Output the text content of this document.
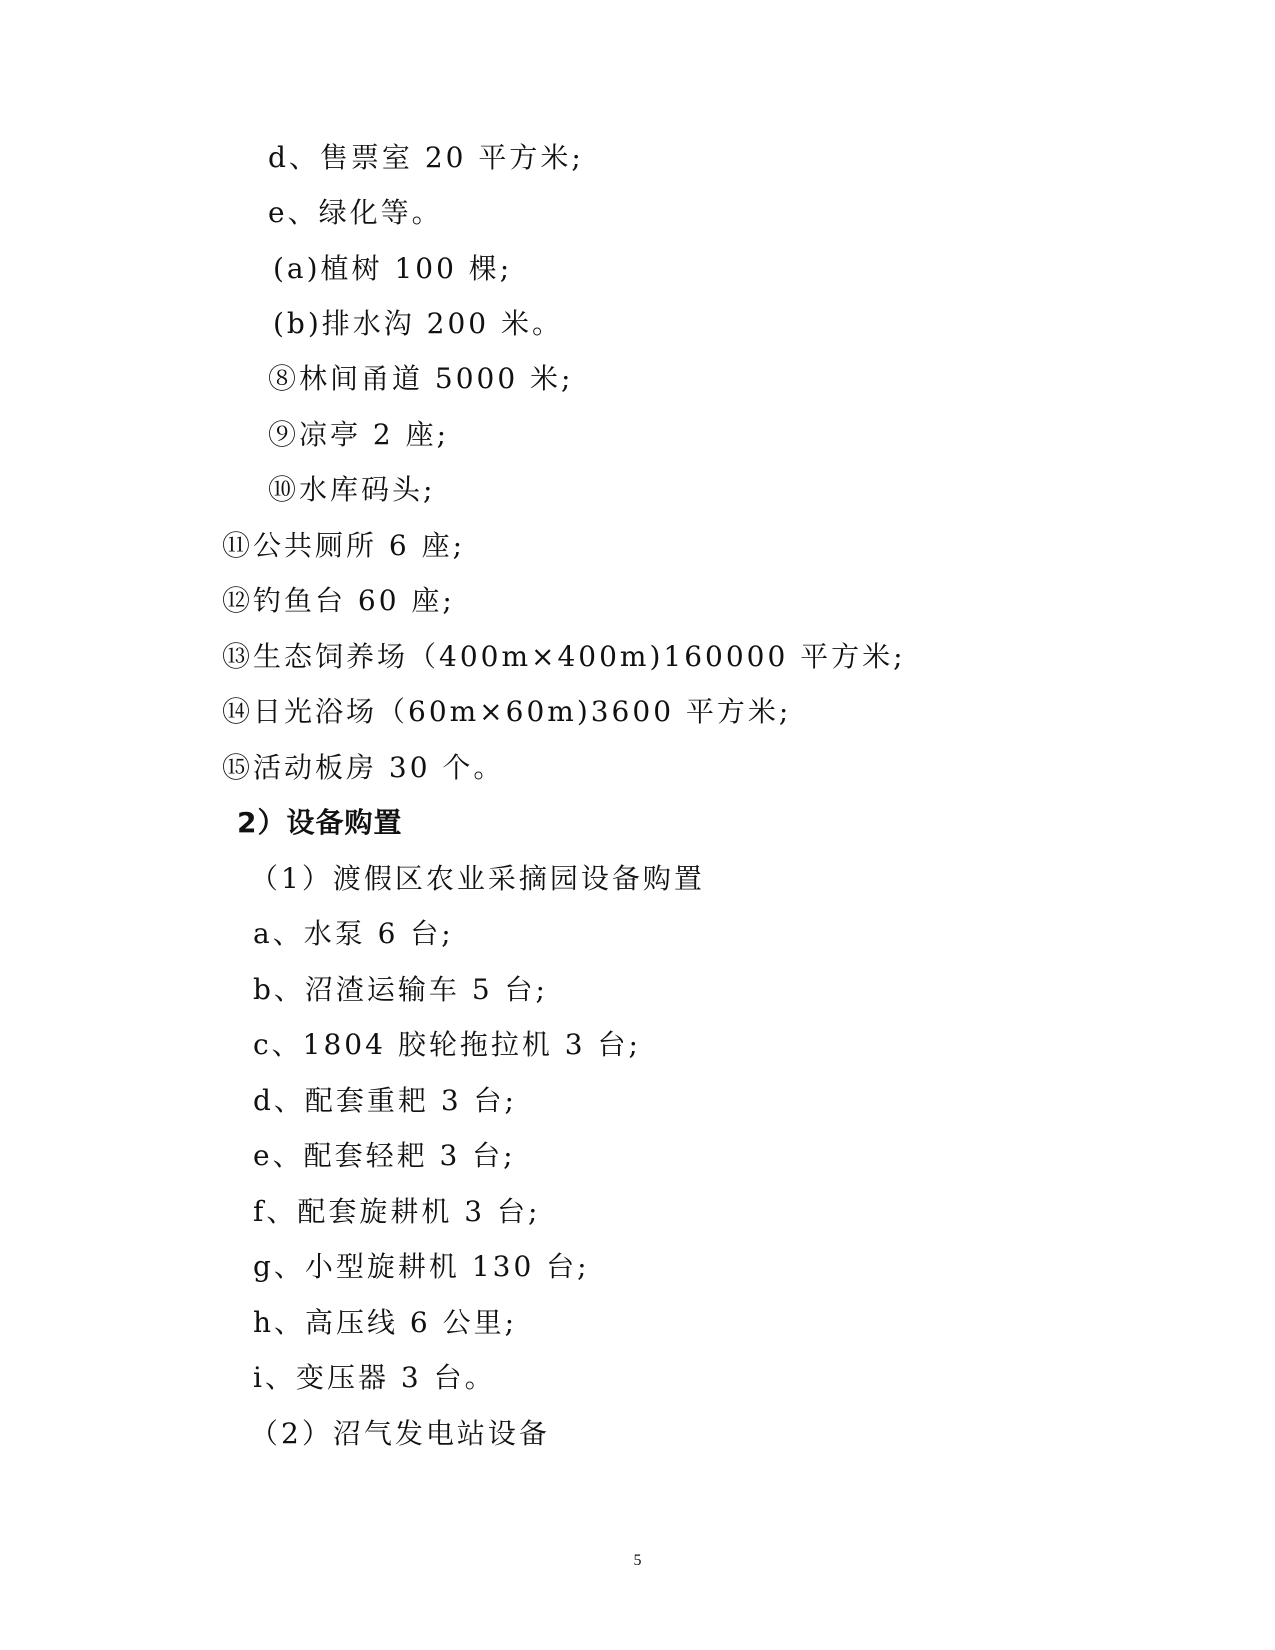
d、售票室 20 平方米;
e、绿化等。
(a)植树 100 棵;
(b)排水沟 200 米。
⑧林间甬道 5000 米;
⑨凉亭 2 座;
⑩水库码头;
⑪公共厕所 6 座;
⑫钓鱼台 60 座;
⑬生态饲养场（400m×400m)160000 平方米;
⑭日光浴场（60m×60m)3600 平方米;
⑮活动板房 30 个。
2）设备购置
（1）渡假区农业采摘园设备购置
a、水泵 6 台;
b、沼渣运输车 5 台;
c、1804 胶轮拖拉机 3 台;
d、配套重耙 3 台;
e、配套轻耙 3 台;
f、配套旋耕机 3 台;
g、小型旋耕机 130 台;
h、高压线 6 公里;
i、变压器 3 台。
（2）沼气发电站设备
5
